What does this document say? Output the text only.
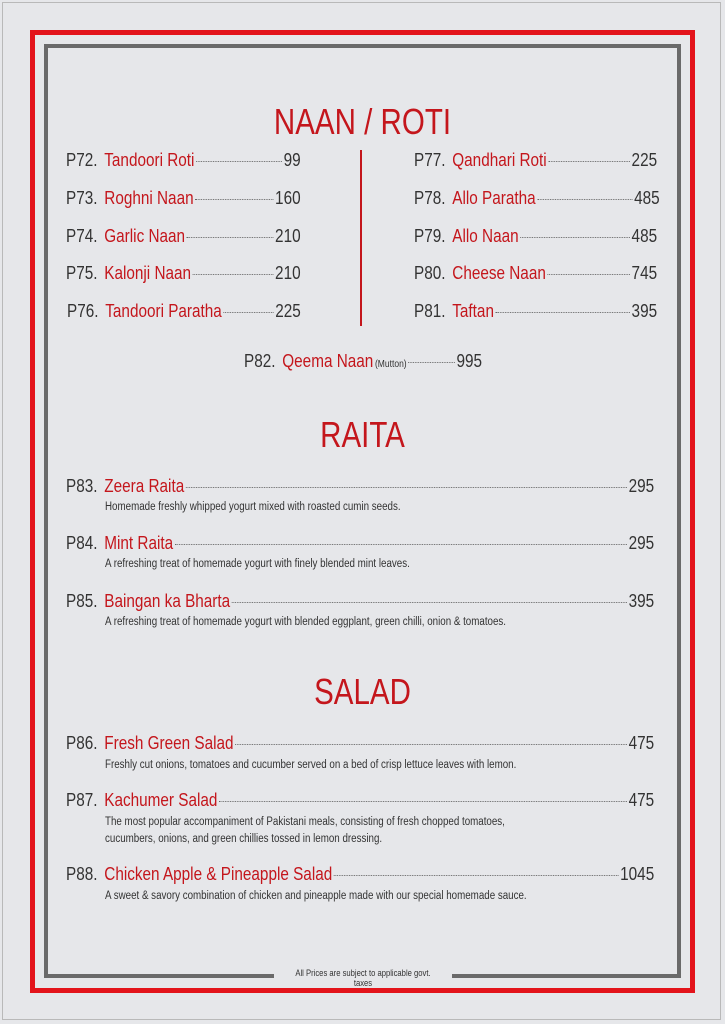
All Prices are subject to applicable govt. taxes
NAAN / ROTI
P72. Tandoori Roti	99
P73. Roghni Naan	160
P74. Garlic Naan	210
P75. Kalonji Naan	210
P76. Tandoori Paratha	225
P77. Qandhari Roti	225
P78. Allo Paratha	485
P79. Allo Naan	485
P80. Cheese Naan	745
P81. Taftan	395
P82. Qeema Naan (Mutton)	995
RAITA
P83. Zeera Raita	295
Homemade freshly whipped yogurt mixed with roasted cumin seeds.
P84. Mint Raita	295
A refreshing treat of homemade yogurt with finely blended mint leaves.
P85. Baingan ka Bharta	395
A refreshing treat of homemade yogurt with blended eggplant, green chilli, onion & tomatoes.
SALAD
P86. Fresh Green Salad	475
Freshly cut onions, tomatoes and cucumber served on a bed of crisp lettuce leaves with lemon.
P87. Kachumer Salad	475
The most popular accompaniment of Pakistani meals, consisting of fresh chopped tomatoes,
cucumbers, onions, and green chillies tossed in lemon dressing.
P88. Chicken Apple & Pineapple Salad	1045
A sweet & savory combination of chicken and pineapple made with our special homemade sauce.
